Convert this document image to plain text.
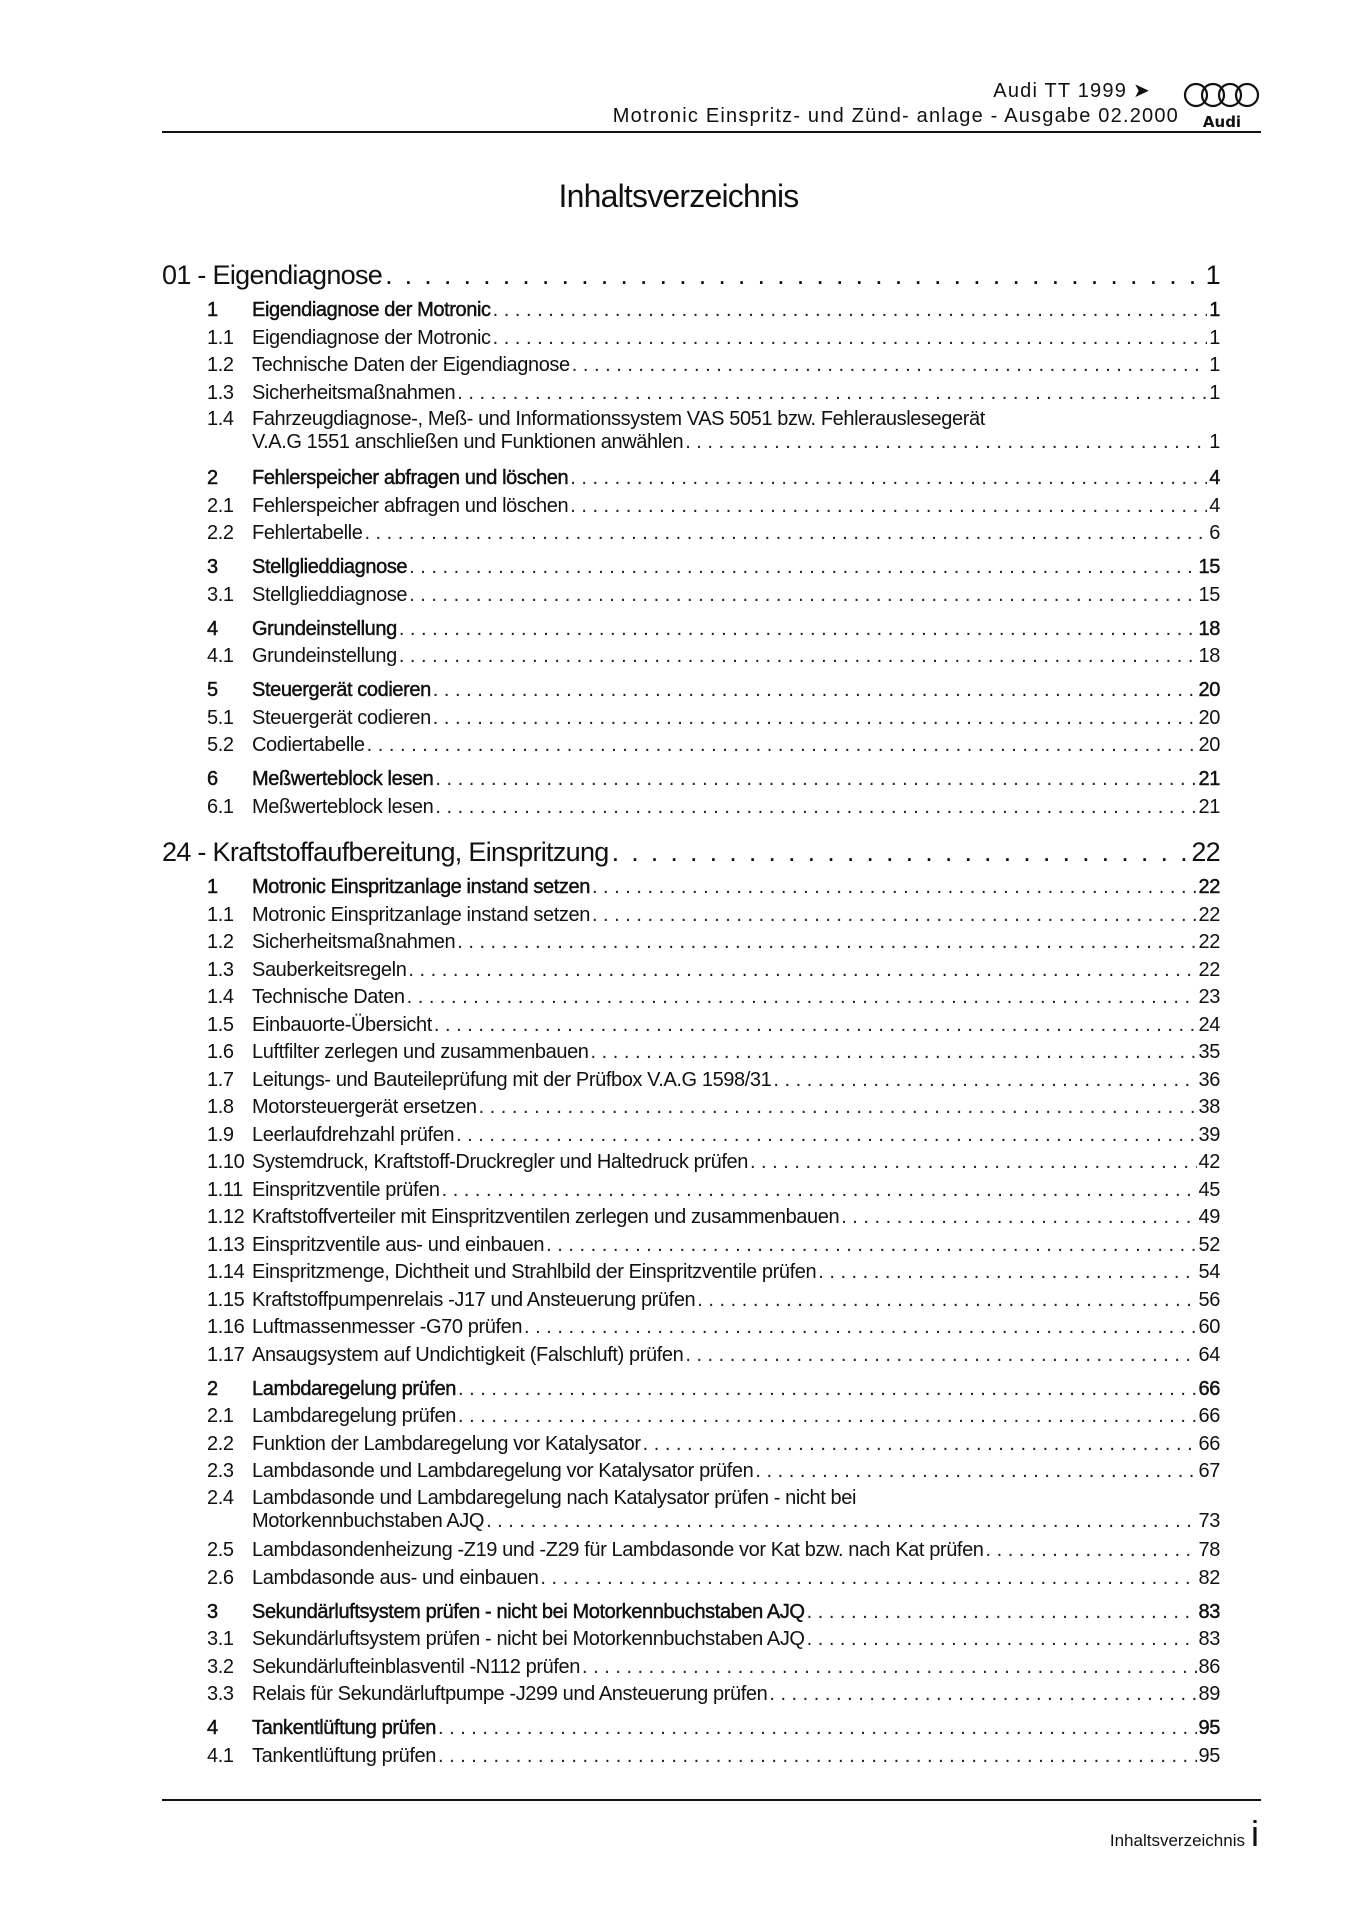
Audi TT 1999 ➤
Motronic Einspritz- und Zünd- anlage - Ausgabe 02.2000 Audi
Inhaltsverzeichnis
01 - Eigendiagnose . . .	1
1	Eigendiagnose der Motronic . . .	1
1.1 Eigendiagnose der Motronic . . .	1
1.2 Technische Daten der Eigendiagnose . . .	1
1.3 Sicherheitsmaßnahmen . . .	1
1.4 Fahrzeugdiagnose-, Meß- und Informationssystem VAS 5051 bzw. Fehlerauslesegerät
V.A.G 1551 anschließen und Funktionen anwählen . . .	1
2	Fehlerspeicher abfragen und löschen . . .	4
2.1 Fehlerspeicher abfragen und löschen . . .	4
2.2 Fehlertabelle . . .	6
3	Stellglieddiagnose . . .	15
3.1 Stellglieddiagnose . . .	15
4	Grundeinstellung . . .	18
4.1 Grundeinstellung . . .	18
5	Steuergerät codieren . . .	20
5.1 Steuergerät codieren . . .	20
5.2 Codiertabelle . . .	20
6	Meßwerteblock lesen . . .	21
6.1 Meßwerteblock lesen . . .	21
24 - Kraftstoffaufbereitung, Einspritzung . . .	22
1	Motronic Einspritzanlage instand setzen . . .	22
1.1 Motronic Einspritzanlage instand setzen . . .	22
1.2 Sicherheitsmaßnahmen . . .	22
1.3 Sauberkeitsregeln . . .	22
1.4 Technische Daten . . .	23
1.5 Einbauorte-Übersicht . . .	24
1.6 Luftfilter zerlegen und zusammenbauen . . .	35
1.7 Leitungs- und Bauteileprüfung mit der Prüfbox V.A.G 1598/31 . . .	36
1.8 Motorsteuergerät ersetzen . . .	38
1.9 Leerlaufdrehzahl prüfen . . .	39
1.10 Systemdruck, Kraftstoff-Druckregler und Haltedruck prüfen . . .	42
1.11 Einspritzventile prüfen . . .	45
1.12 Kraftstoffverteiler mit Einspritzventilen zerlegen und zusammenbauen . . .	49
1.13 Einspritzventile aus- und einbauen . . .	52
1.14 Einspritzmenge, Dichtheit und Strahlbild der Einspritzventile prüfen . . .	54
1.15 Kraftstoffpumpenrelais -J17 und Ansteuerung prüfen . . .	56
1.16 Luftmassenmesser -G70 prüfen . . .	60
1.17 Ansaugsystem auf Undichtigkeit (Falschluft) prüfen . . .	64
2	Lambdaregelung prüfen . . .	66
2.1 Lambdaregelung prüfen . . .	66
2.2 Funktion der Lambdaregelung vor Katalysator . . .	66
2.3 Lambdasonde und Lambdaregelung vor Katalysator prüfen . . .	67
2.4 Lambdasonde und Lambdaregelung nach Katalysator prüfen - nicht bei
Motorkennbuchstaben AJQ . . .	73
2.5 Lambdasondenheizung -Z19 und -Z29 für Lambdasonde vor Kat bzw. nach Kat prüfen . . .	78
2.6 Lambdasonde aus- und einbauen . . .	82
3	Sekundärluftsystem prüfen - nicht bei Motorkennbuchstaben AJQ . . .	83
3.1 Sekundärluftsystem prüfen - nicht bei Motorkennbuchstaben AJQ . . .	83
3.2 Sekundärlufteinblasventil -N112 prüfen . . .	86
3.3 Relais für Sekundärluftpumpe -J299 und Ansteuerung prüfen . . .	89
4	Tankentlüftung prüfen . . .	95
4.1 Tankentlüftung prüfen . . .	95
Inhaltsverzeichnis i
